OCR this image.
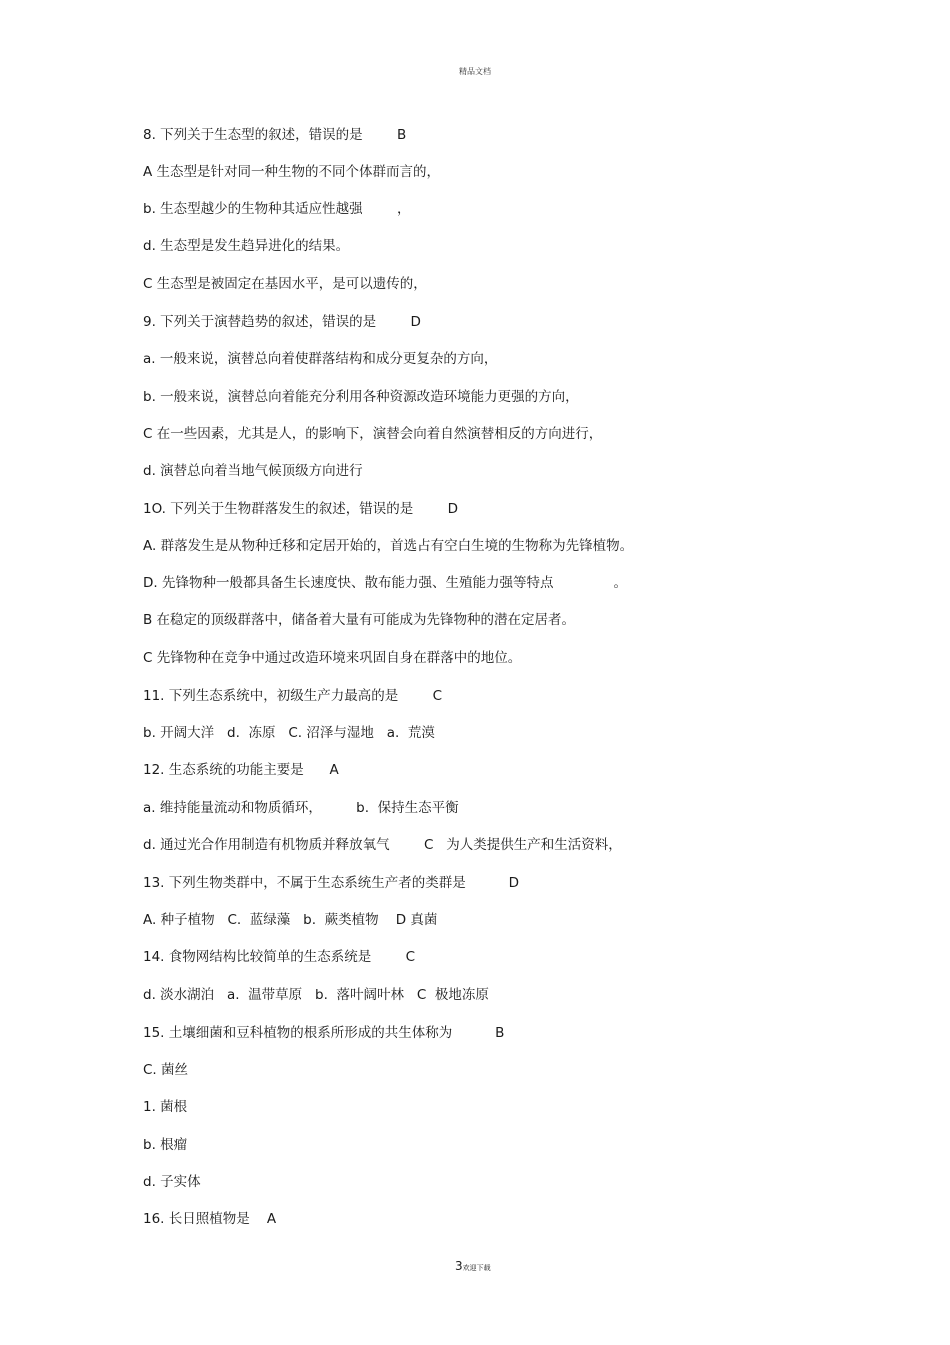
精品文档
8. 下列关于生态型的叙述，错误的是        B
A 生态型是针对同一种生物的不同个体群而言的，
b. 生态型越少的生物种其适应性越强        ，
d. 生态型是发生趋异进化的结果。
C 生态型是被固定在基因水平，是可以遗传的，
9. 下列关于演替趋势的叙述，错误的是        D
a. 一般来说，演替总向着使群落结构和成分更复杂的方向，
b. 一般来说，演替总向着能充分利用各种资源改造环境能力更强的方向，
C 在一些因素，尤其是人，的影响下，演替会向着自然演替相反的方向进行，
d. 演替总向着当地气候顶级方向进行
1O. 下列关于生物群落发生的叙述，错误的是        D
A. 群落发生是从物种迁移和定居开始的，首选占有空白生境的生物称为先锋植物。
D. 先锋物种一般都具备生长速度快、散布能力强、生殖能力强等特点              。
B 在稳定的顶级群落中，储备着大量有可能成为先锋物种的潜在定居者。
C 先锋物种在竞争中通过改造环境来巩固自身在群落中的地位。
11. 下列生态系统中，初级生产力最高的是        C
b. 开阔大洋   d.  冻原   C. 沼泽与湿地   a.  荒漠
12. 生态系统的功能主要是      A
a. 维持能量流动和物质循环，        b.  保持生态平衡
d. 通过光合作用制造有机物质并释放氧气        C   为人类提供生产和生活资料，
13. 下列生物类群中，不属于生态系统生产者的类群是          D
A. 种子植物   C.  蓝绿藻   b.  蕨类植物    D 真菌
14. 食物网结构比较简单的生态系统是        C
d. 淡水湖泊   a.  温带草原   b.  落叶阔叶林   C  极地冻原
15. 土壤细菌和豆科植物的根系所形成的共生体称为          B
C. 菌丝
1. 菌根
b. 根瘤
d. 子实体
16. 长日照植物是    A
3欢迎下载
